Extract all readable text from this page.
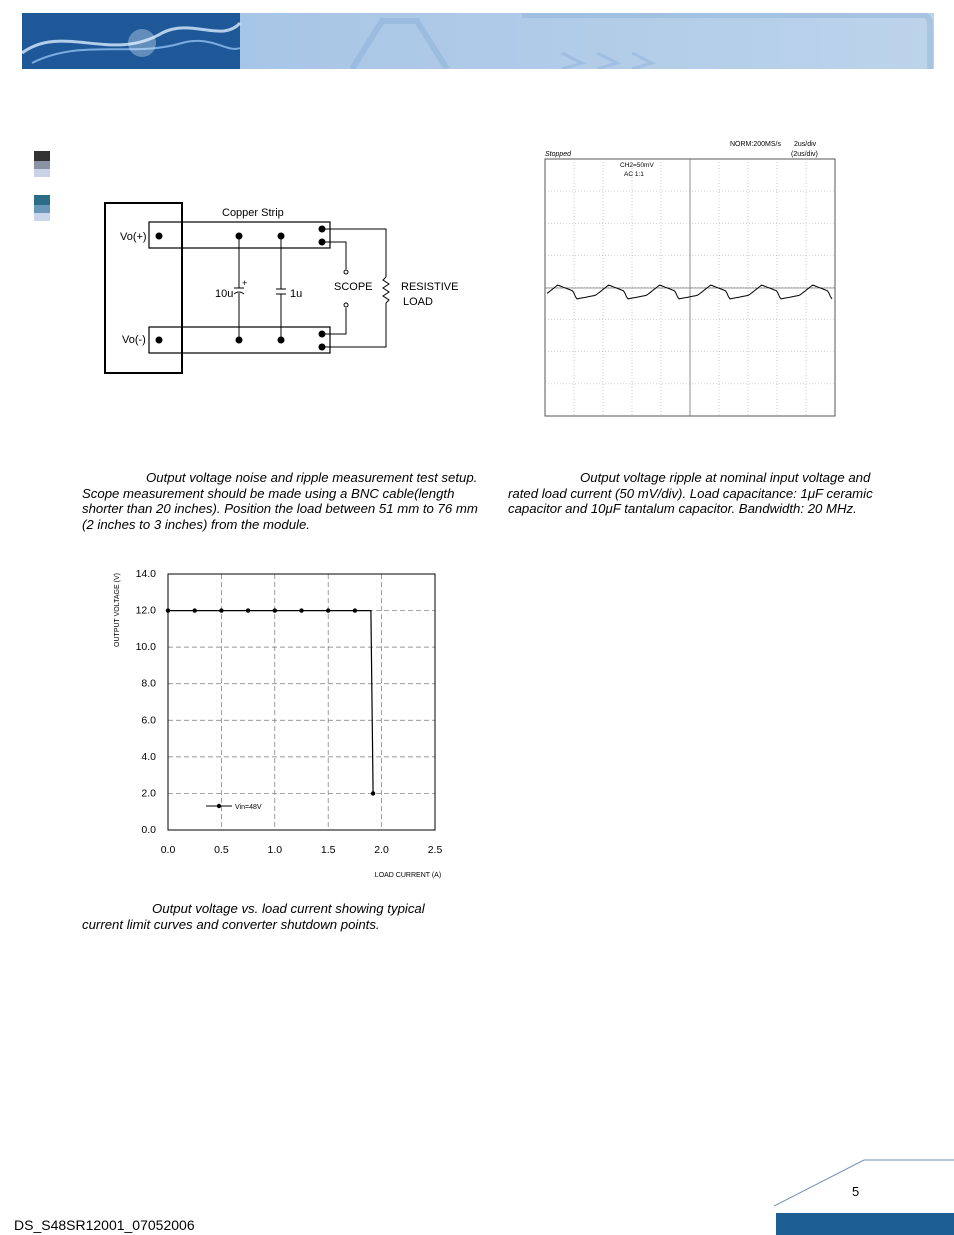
Vo(+)
Vo(-)
Copper Strip
+
10u	1u
SCOPE	RESISTIVE
LOAD
NORM:200MS/s 2us/div
(2us/div)
Stopped
CH2=50mV
AC 1:1
0.0
2.0
4.0
6.0
8.0
10.0
12.0
14.0
0.0	0.5	1.0	1.5	2.0	2.5
Vin=48V
OUTPUT VOLTAGE (V)
LOAD CURRENT (A)
Output voltage noise and ripple measurement test setup. Scope measurement should be made using a BNC cable(length shorter than 20 inches). Position the load between 51 mm to 76 mm (2 inches to 3 inches) from the module.
Output voltage ripple at nominal input voltage and rated load current (50 mV/div). Load capacitance: 1μF ceramic capacitor and 10μF tantalum capacitor. Bandwidth: 20 MHz.
Output voltage vs. load current showing typical current limit curves and converter shutdown points.
5
DS_S48SR12001_07052006
